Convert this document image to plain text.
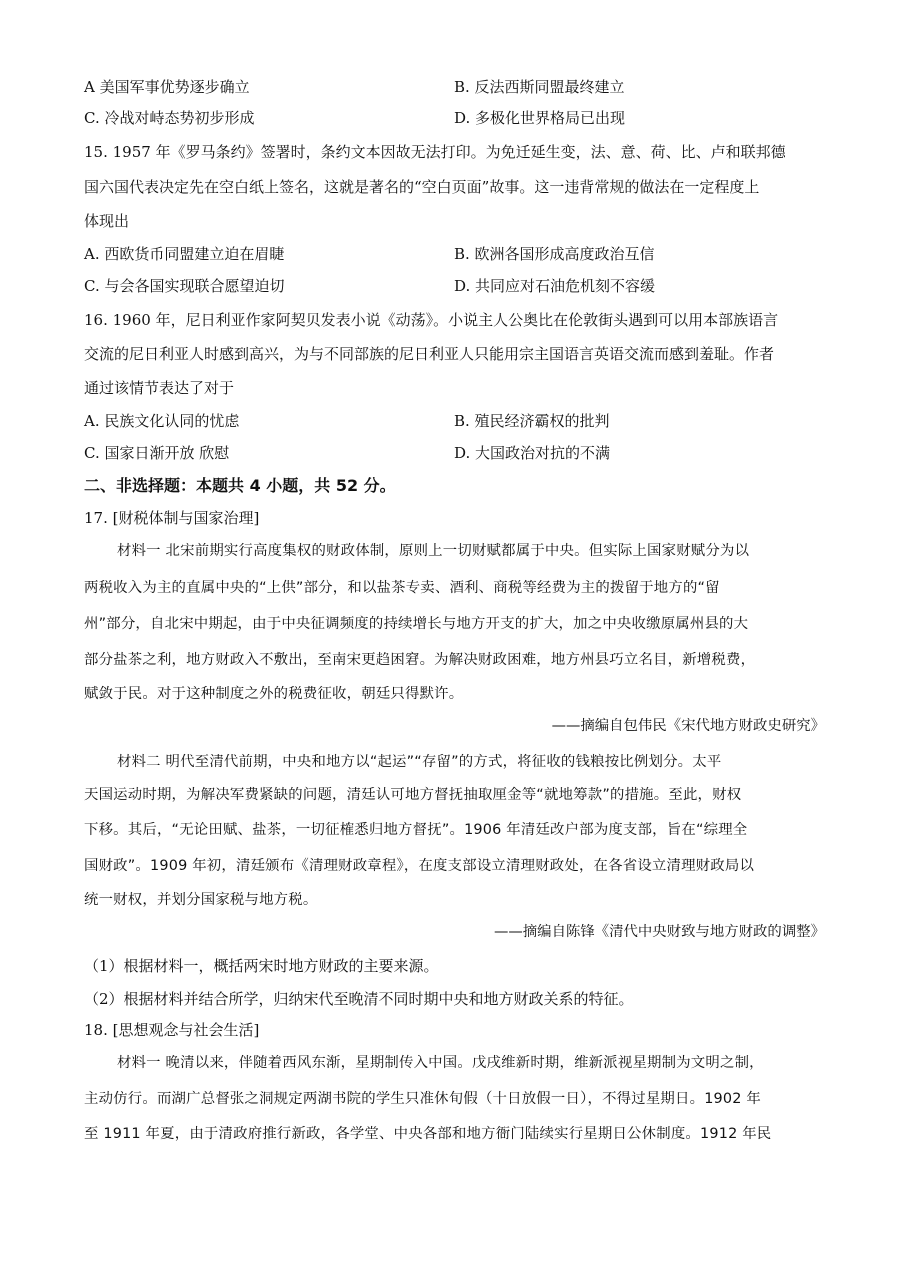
A 美国军事优势逐步确立	B. 反法西斯同盟最终建立
C. 冷战对峙态势初步形成	D. 多极化世界格局已出现
15. 1957 年《罗马条约》签署时，条约文本因故无法打印。为免迁延生变，法、意、荷、比、卢和联邦德
国六国代表决定先在空白纸上签名，这就是著名的“空白页面”故事。这一违背常规的做法在一定程度上
体现出
A. 西欧货币同盟建立迫在眉睫	B. 欧洲各国形成高度政治互信
C. 与会各国实现联合愿望迫切	D. 共同应对石油危机刻不容缓
16. 1960 年，尼日利亚作家阿契贝发表小说《动荡》。小说主人公奥比在伦敦街头遇到可以用本部族语言
交流的尼日利亚人时感到高兴，为与不同部族的尼日利亚人只能用宗主国语言英语交流而感到羞耻。作者
通过该情节表达了对于
A. 民族文化认同的忧虑	B. 殖民经济霸权的批判
C. 国家日渐开放 欣慰	D. 大国政治对抗的不满
二、非选择题：本题共 4 小题，共 52 分。
17. [财税体制与国家治理]
材料一 北宋前期实行高度集权的财政体制，原则上一切财赋都属于中央。但实际上国家财赋分为以
两税收入为主的直属中央的“上供”部分，和以盐茶专卖、酒利、商税等经费为主的拨留于地方的“留
州”部分，自北宋中期起，由于中央征调频度的持续增长与地方开支的扩大，加之中央收缴原属州县的大
部分盐茶之利，地方财政入不敷出，至南宋更趋困窘。为解决财政困难，地方州县巧立名目，新增税费，
赋敛于民。对于这种制度之外的税费征收，朝廷只得默许。
——摘编自包伟民《宋代地方财政史研究》
材料二 明代至清代前期，中央和地方以“起运”“存留”的方式，将征收的钱粮按比例划分。太平
天国运动时期，为解决军费紧缺的问题，清廷认可地方督抚抽取厘金等“就地筹款”的措施。至此，财权
下移。其后，“无论田赋、盐茶，一切征榷悉归地方督抚”。1906 年清廷改户部为度支部，旨在“综理全
国财政”。1909 年初，清廷颁布《清理财政章程》，在度支部设立清理财政处，在各省设立清理财政局以
统一财权，并划分国家税与地方税。
——摘编自陈锋《清代中央财致与地方财政的调整》
（1）根据材料一，概括两宋时地方财政的主要来源。
（2）根据材料并结合所学，归纳宋代至晚清不同时期中央和地方财政关系的特征。
18. [思想观念与社会生活]
材料一 晚清以来，伴随着西风东渐，星期制传入中国。戊戌维新时期，维新派视星期制为文明之制，
主动仿行。而湖广总督张之洞规定两湖书院的学生只准休旬假（十日放假一日），不得过星期日。1902 年
至 1911 年夏，由于清政府推行新政，各学堂、中央各部和地方衙门陆续实行星期日公休制度。1912 年民
